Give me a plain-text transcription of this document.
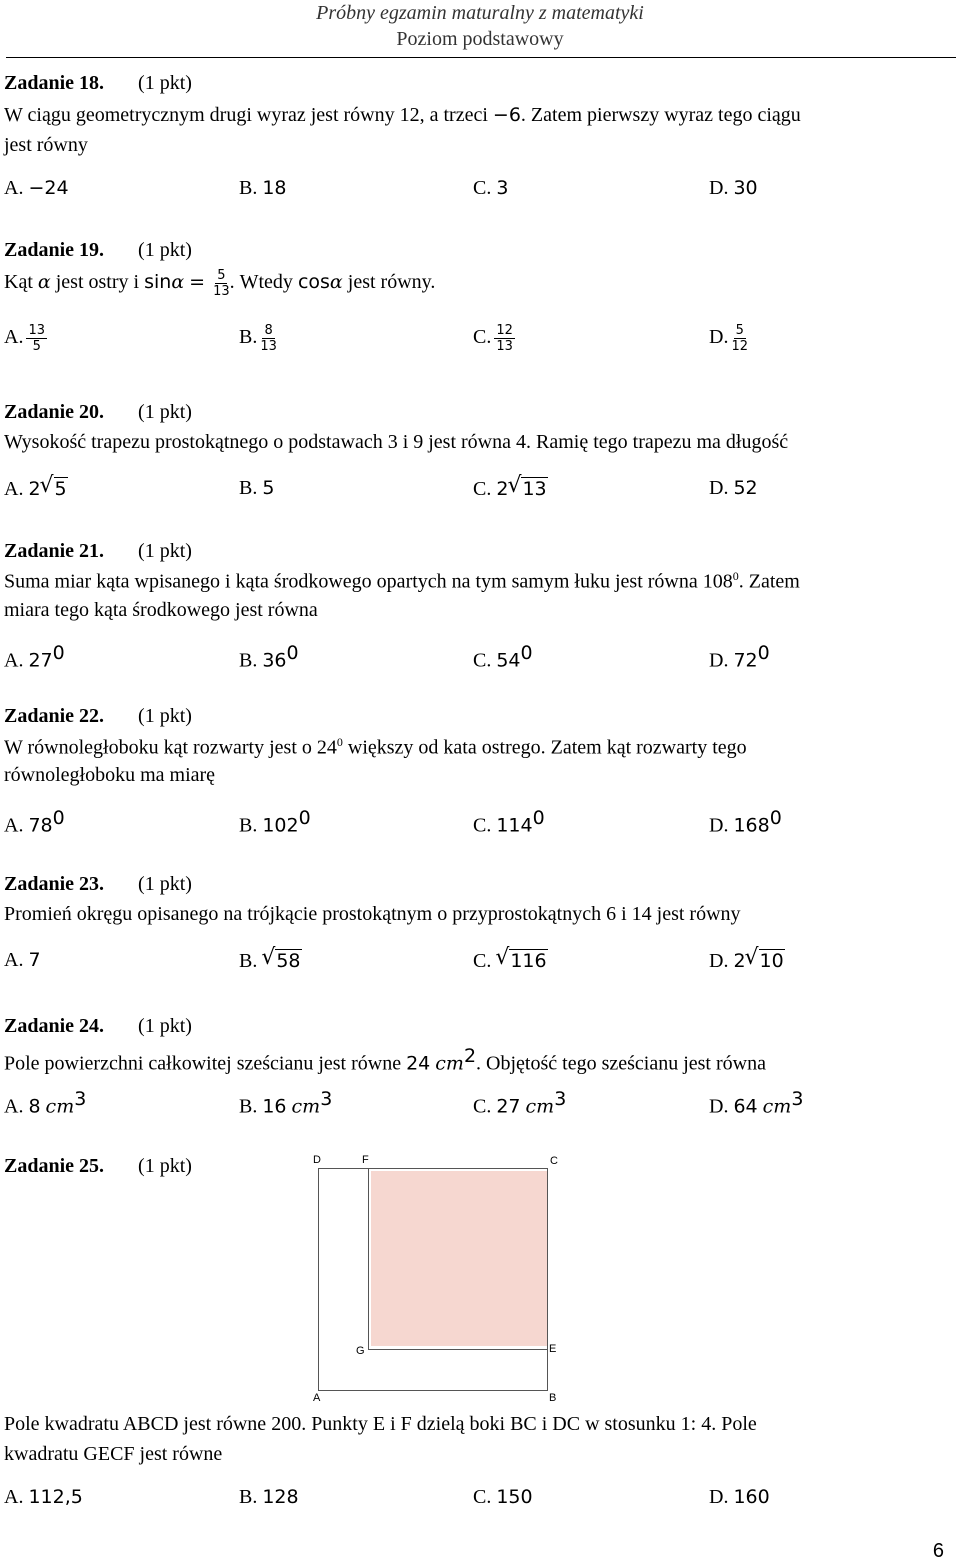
Próbny egzamin maturalny z matematyki
Poziom podstawowy
Zadanie 18. (1 pkt)
W ciągu geometrycznym drugi wyraz jest równy 12, a trzeci −6. Zatem pierwszy wyraz tego ciągu
jest równy
A. −24	B. 18	C. 3	D. 30
Zadanie 19. (1 pkt)
Kąt α jest ostry i $\sin\alpha = \frac{5}{13}$ . Wtedy cosα jest równy.
A. $\frac{13}{5}$	B. $\frac{8}{13}$	C. $\frac{12}{13}$	D. $\frac{5}{12}$
Zadanie 20. (1 pkt)
Wysokość trapezu prostokątnego o podstawach 3 i 9 jest równa 4. Ramię tego trapezu ma długość
A. 2 √ 5	B. 5	C. 2 √ 13	D. 52
Zadanie 21. (1 pkt)
Suma miar kąta wpisanego i kąta środkowego opartych na tym samym łuku jest równa $108^0$. Zatem
miara tego kąta środkowego jest równa
A. $27^0$	B. $36^0$	C. $54^0$	D. $72^0$
Zadanie 22. (1 pkt)
W równoległoboku kąt rozwarty jest o $24^0$ większy od kata ostrego. Zatem kąt rozwarty tego
równoległoboku ma miarę
A. $78^0$	B. $102^0$	C. $114^0$	D. $168^0$
Zadanie 23. (1 pkt)
Promień okręgu opisanego na trójkącie prostokątnym o przyprostokątnych 6 i 14 jest równy
A. 7	B. √ 58	C. √ 116	D. 2 √ 10
Zadanie 24. (1 pkt)
Pole powierzchni całkowitej sześcianu jest równe 24 $cm^2$. Objętość tego sześcianu jest równa
A. 8 $cm^3$	B. 16 $cm^3$	C. 27 $cm^3$	D. 64 $cm^3$
Zadanie 25. (1 pkt)	D	F	C
G	E
A	B
Pole kwadratu ABCD jest równe 200. Punkty E i F dzielą boki BC i DC w stosunku 1: 4. Pole
kwadratu GECF jest równe
A. 112,5	B. 128	C. 150	D. 160
6
